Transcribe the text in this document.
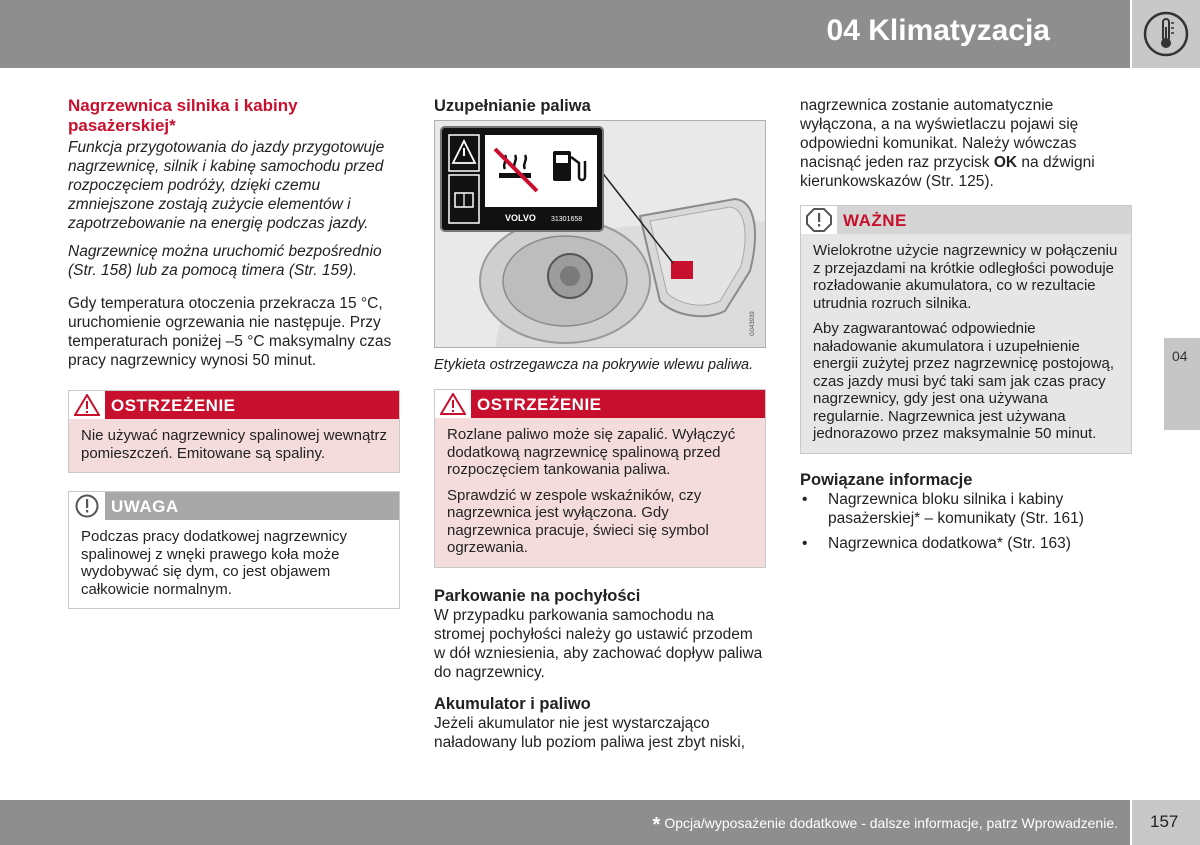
04 Klimatyzacja
04
Nagrzewnica silnika i kabiny pasażerskiej*

Funkcja przygotowania do jazdy przygotowuje nagrzewnicę, silnik i kabinę samochodu przed rozpoczęciem podróży, dzięki czemu zmniejszone zostają zużycie elementów i zapotrzebowanie na energię podczas jazdy.

Nagrzewnicę można uruchomić bezpośrednio (Str. 158) lub za pomocą timera (Str. 159).

Gdy temperatura otoczenia przekracza 15 °C, uruchomienie ogrzewania nie następuje. Przy temperaturach poniżej –5 °C maksymalny czas pracy nagrzewnicy wynosi 50 minut.

OSTRZEŻENIE

Nie używać nagrzewnicy spalinowej wewnątrz pomieszczeń. Emitowane są spaliny.

UWAGA

Podczas pracy dodatkowej nagrzewnicy spalinowej z wnęki prawego koła może wydobywać się dym, co jest objawem całkowicie normalnym.

Uzupełnianie paliwa
VOLVO 31301658
G043939

Etykieta ostrzegawcza na pokrywie wlewu paliwa.

OSTRZEŻENIE

Rozlane paliwo może się zapalić. Wyłączyć dodatkową nagrzewnicę spalinową przed rozpoczęciem tankowania paliwa.

Sprawdzić w zespole wskaźników, czy nagrzewnica jest wyłączona. Gdy nagrzewnica pracuje, świeci się symbol ogrzewania.

Parkowanie na pochyłości

W przypadku parkowania samochodu na stromej pochyłości należy go ustawić przodem w dół wzniesienia, aby zachować dopływ paliwa do nagrzewnicy.

Akumulator i paliwo

Jeżeli akumulator nie jest wystarczająco naładowany lub poziom paliwa jest zbyt niski,

nagrzewnica zostanie automatycznie wyłączona, a na wyświetlaczu pojawi się odpowiedni komunikat. Należy wówczas nacisnąć jeden raz przycisk OK na dźwigni kierunkowskazów (Str. 125).

WAŻNE

Wielokrotne użycie nagrzewnicy w połączeniu z przejazdami na krótkie odległości powoduje rozładowanie akumulatora, co w rezultacie utrudnia rozruch silnika.

Aby zagwarantować odpowiednie naładowanie akumulatora i uzupełnienie energii zużytej przez nagrzewnicę postojową, czas jazdy musi być taki sam jak czas pracy nagrzewnicy, gdy jest ona używana regularnie. Nagrzewnica jest używana jednorazowo przez maksymalnie 50 minut.

Powiązane informacje
• Nagrzewnica bloku silnika i kabiny pasażerskiej* – komunikaty (Str. 161)
• Nagrzewnica dodatkowa* (Str. 163)
* Opcja/wyposażenie dodatkowe - dalsze informacje, patrz Wprowadzenie. 157
